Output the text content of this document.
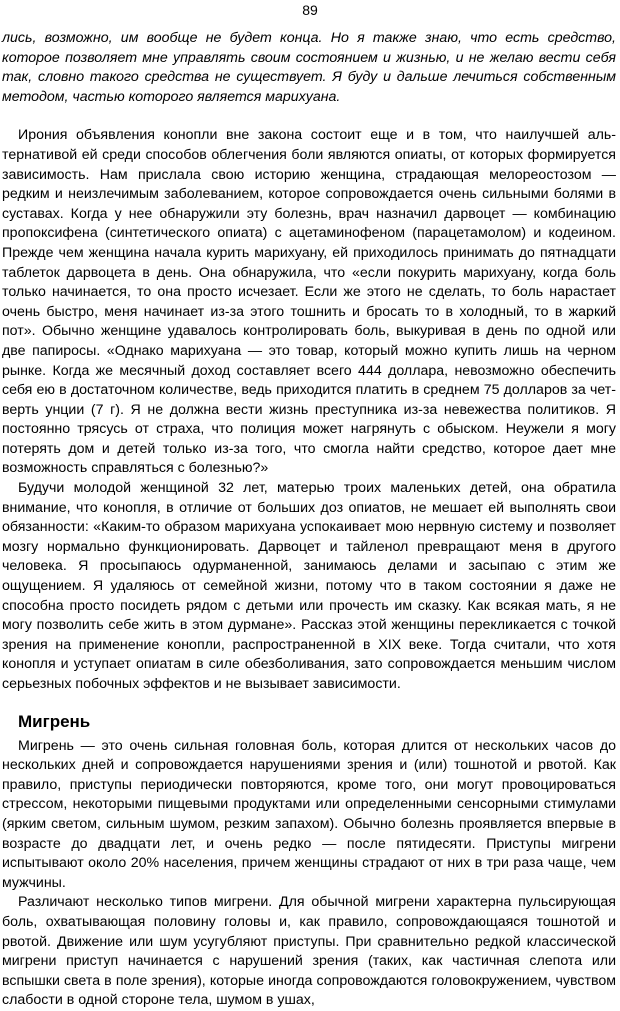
89

лись, возможно, им вообще не будет конца. Но я также знаю, что есть средство, которое позволяет мне управлять своим состоянием и жизнью, и не желаю вести себя так, словно такого средства не существует. Я буду и дальше лечиться собственным методом, частью которого является марихуана.

Ирония объявления конопли вне закона состоит еще и в том, что наилучшей альтернативой ей среди способов облегчения боли являются опиаты, от которых формируется зависимость. Нам прислала свою историю женщина, страдающая мелореостозом — редким и неизлечимым заболеванием, которое сопровождается очень сильными болями в суставах. Когда у нее обнаружили эту болезнь, врач назначил дарвоцет — комбинацию пропоксифена (синтетического опиата) с ацетаминофеном (парацетамолом) и кодеином. Прежде чем женщина начала курить марихуану, ей приходилось принимать до пятнадцати таблеток дарвоцета в день. Она обнаружила, что «если покурить марихуану, когда боль только начинается, то она просто исчезает. Если же этого не сделать, то боль нарастает очень быстро, меня начинает из-за этого тошнить и бросать то в холодный, то в жаркий пот». Обычно женщине удавалось контролировать боль, выкуривая в день по одной или две папиросы. «Однако марихуана — это товар, который можно купить лишь на черном рынке. Когда же месячный доход составляет всего 444 доллара, невозможно обеспечить себя ею в достаточном количестве, ведь приходится платить в среднем 75 долларов за четверть унции (7 г). Я не должна вести жизнь преступника из-за невежества политиков. Я постоянно трясусь от страха, что полиция может нагрянуть с обыском. Неужели я могу потерять дом и детей только из-за того, что смогла найти средство, которое дает мне возможность справляться с болезнью?»

Будучи молодой женщиной 32 лет, матерью троих маленьких детей, она обратила внимание, что конопля, в отличие от больших доз опиатов, не мешает ей выполнять свои обязанности: «Каким-то образом марихуана успокаивает мою нервную систему и позволяет мозгу нормально функционировать. Дарвоцет и тайленол превращают меня в другого человека. Я просыпаюсь одурманенной, занимаюсь делами и засыпаю с этим же ощущением. Я удаляюсь от семейной жизни, потому что в таком состоянии я даже не способна просто посидеть рядом с детьми или прочесть им сказку. Как всякая мать, я не могу позволить себе жить в этом дурмане». Рассказ этой женщины перекликается с точкой зрения на применение конопли, распространенной в XIX веке. Тогда считали, что хотя конопля и уступает опиатам в силе обезболивания, зато сопровождается меньшим числом серьезных побочных эффектов и не вызывает зависимости.

Мигрень

Мигрень — это очень сильная головная боль, которая длится от нескольких часов до нескольких дней и сопровождается нарушениями зрения и (или) тошнотой и рвотой. Как правило, приступы периодически повторяются, кроме того, они могут провоцироваться стрессом, некоторыми пищевыми продуктами или определенными сенсорными стимулами (ярким светом, сильным шумом, резким запахом). Обычно болезнь проявляется впервые в возрасте до двадцати лет, и очень редко — после пятидесяти. Приступы мигрени испытывают около 20% населения, причем женщины страдают от них в три раза чаще, чем мужчины.

Различают несколько типов мигрени. Для обычной мигрени характерна пульсирующая боль, охватывающая половину головы и, как правило, сопровождающаяся тошнотой и рвотой. Движение или шум усугубляют приступы. При сравнительно редкой классической мигрени приступ начинается с нарушений зрения (таких, как частичная слепота или вспышки света в поле зрения), которые иногда сопровождаются головокружением, чувством слабости в одной стороне тела, шумом в ушах,
